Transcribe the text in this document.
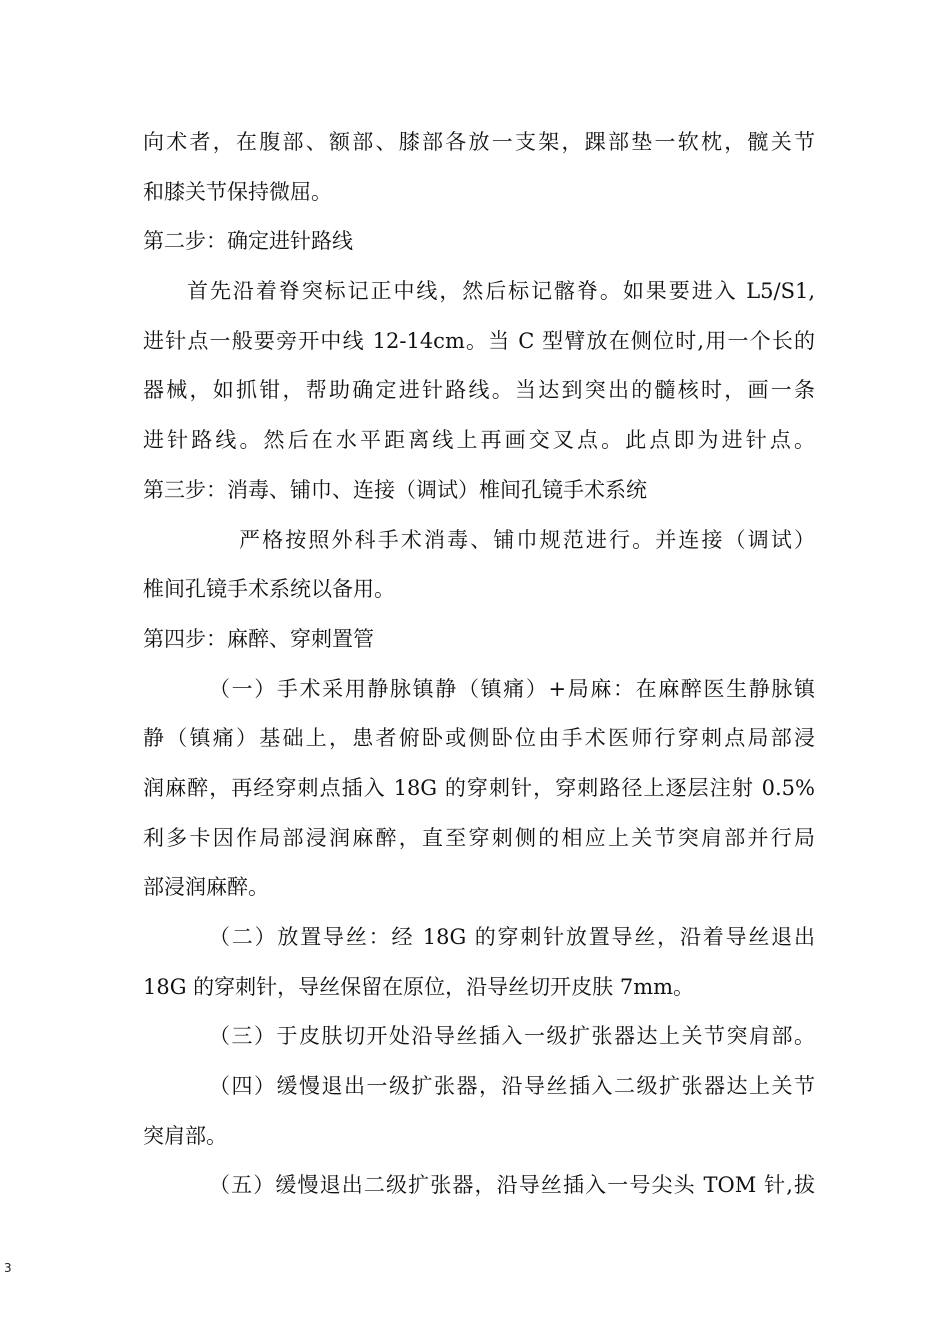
向术者，在腹部、额部、膝部各放一支架，踝部垫一软枕，髋关节
和膝关节保持微屈。
第二步：确定进针路线
首先沿着脊突标记正中线，然后标记髂脊。如果要进入 L5/S1,
进针点一般要旁开中线 12-14cm。当 C 型臂放在侧位时,用一个长的
器械，如抓钳，帮助确定进针路线。当达到突出的髓核时，画一条
进针路线。然后在水平距离线上再画交叉点。此点即为进针点。
第三步：消毒、铺巾、连接（调试）椎间孔镜手术系统
严格按照外科手术消毒、铺巾规范进行。并连接（调试）
椎间孔镜手术系统以备用。
第四步：麻醉、穿刺置管
（一）手术采用静脉镇静（镇痛）+局麻：在麻醉医生静脉镇
静（镇痛）基础上，患者俯卧或侧卧位由手术医师行穿刺点局部浸
润麻醉，再经穿刺点插入 18G 的穿刺针，穿刺路径上逐层注射 0.5%
利多卡因作局部浸润麻醉，直至穿刺侧的相应上关节突肩部并行局
部浸润麻醉。
（二）放置导丝：经 18G 的穿刺针放置导丝，沿着导丝退出
18G 的穿刺针，导丝保留在原位，沿导丝切开皮肤 7mm。
（三）于皮肤切开处沿导丝插入一级扩张器达上关节突肩部。
（四）缓慢退出一级扩张器，沿导丝插入二级扩张器达上关节
突肩部。
（五）缓慢退出二级扩张器，沿导丝插入一号尖头 TOM 针,拔
3
